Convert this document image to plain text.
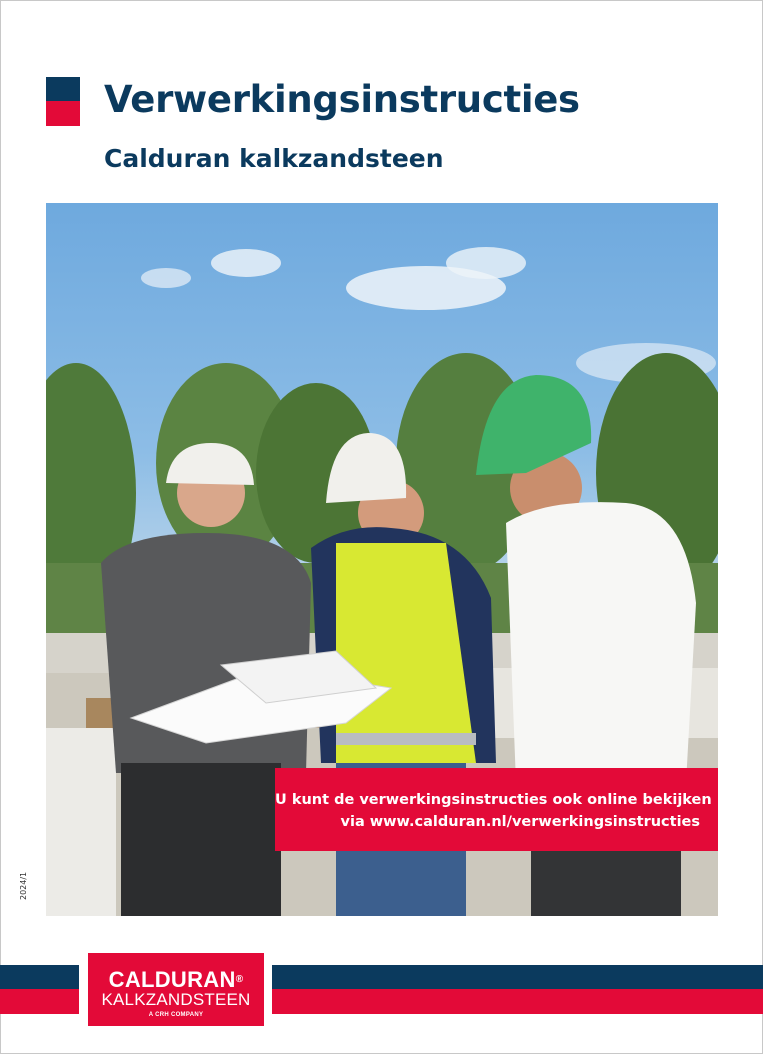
Verwerkingsinstructies
Calduran kalkzandsteen
U kunt de verwerkingsinstructies ook online bekijken
via www.calduran.nl/verwerkingsinstructies
2024/1
CALDURAN®
KALKZANDSTEEN
A CRH COMPANY
